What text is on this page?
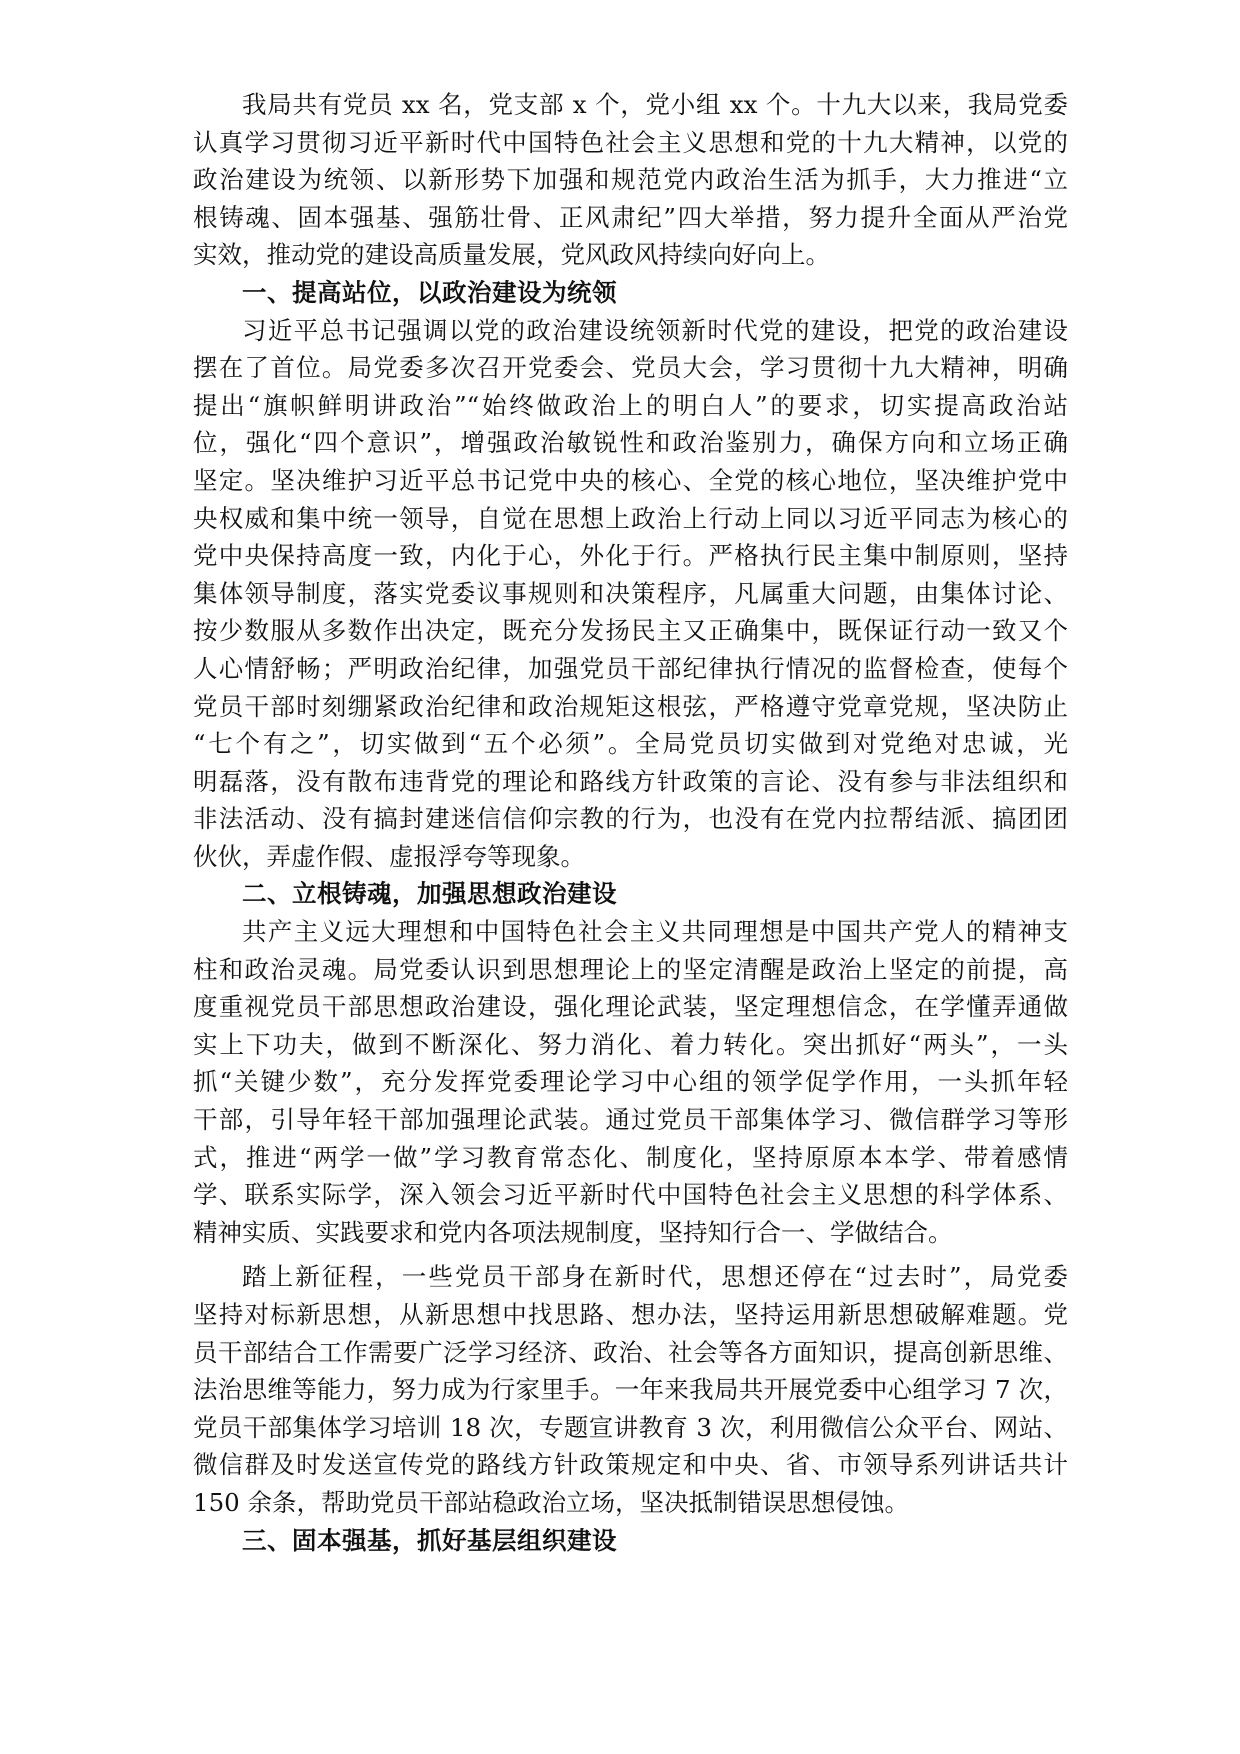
我局共有党员 xx 名，党支部 x 个，党小组 xx 个。十九大以来，我局党委
认真学习贯彻习近平新时代中国特色社会主义思想和党的十九大精神，以党的
政治建设为统领、以新形势下加强和规范党内政治生活为抓手，大力推进“立
根铸魂、固本强基、强筋壮骨、正风肃纪”四大举措，努力提升全面从严治党
实效，推动党的建设高质量发展，党风政风持续向好向上。
一、提高站位，以政治建设为统领
习近平总书记强调以党的政治建设统领新时代党的建设，把党的政治建设
摆在了首位。局党委多次召开党委会、党员大会，学习贯彻十九大精神，明确
提出“旗帜鲜明讲政治”“始终做政治上的明白人”的要求，切实提高政治站
位，强化“四个意识”，增强政治敏锐性和政治鉴别力，确保方向和立场正确
坚定。坚决维护习近平总书记党中央的核心、全党的核心地位，坚决维护党中
央权威和集中统一领导，自觉在思想上政治上行动上同以习近平同志为核心的
党中央保持高度一致，内化于心，外化于行。严格执行民主集中制原则，坚持
集体领导制度，落实党委议事规则和决策程序，凡属重大问题，由集体讨论、
按少数服从多数作出决定，既充分发扬民主又正确集中，既保证行动一致又个
人心情舒畅；严明政治纪律，加强党员干部纪律执行情况的监督检查，使每个
党员干部时刻绷紧政治纪律和政治规矩这根弦，严格遵守党章党规，坚决防止
“七个有之”，切实做到“五个必须”。全局党员切实做到对党绝对忠诚，光
明磊落，没有散布违背党的理论和路线方针政策的言论、没有参与非法组织和
非法活动、没有搞封建迷信信仰宗教的行为，也没有在党内拉帮结派、搞团团
伙伙，弄虚作假、虚报浮夸等现象。
二、立根铸魂，加强思想政治建设
共产主义远大理想和中国特色社会主义共同理想是中国共产党人的精神支
柱和政治灵魂。局党委认识到思想理论上的坚定清醒是政治上坚定的前提，高
度重视党员干部思想政治建设，强化理论武装，坚定理想信念，在学懂弄通做
实上下功夫，做到不断深化、努力消化、着力转化。突出抓好“两头”，一头
抓“关键少数”，充分发挥党委理论学习中心组的领学促学作用，一头抓年轻
干部，引导年轻干部加强理论武装。通过党员干部集体学习、微信群学习等形
式，推进“两学一做”学习教育常态化、制度化，坚持原原本本学、带着感情
学、联系实际学，深入领会习近平新时代中国特色社会主义思想的科学体系、
精神实质、实践要求和党内各项法规制度，坚持知行合一、学做结合。
踏上新征程，一些党员干部身在新时代，思想还停在“过去时”，局党委
坚持对标新思想，从新思想中找思路、想办法，坚持运用新思想破解难题。党
员干部结合工作需要广泛学习经济、政治、社会等各方面知识，提高创新思维、
法治思维等能力，努力成为行家里手。一年来我局共开展党委中心组学习 7 次，
党员干部集体学习培训 18 次，专题宣讲教育 3 次，利用微信公众平台、网站、
微信群及时发送宣传党的路线方针政策规定和中央、省、市领导系列讲话共计
150 余条，帮助党员干部站稳政治立场，坚决抵制错误思想侵蚀。
三、固本强基，抓好基层组织建设
